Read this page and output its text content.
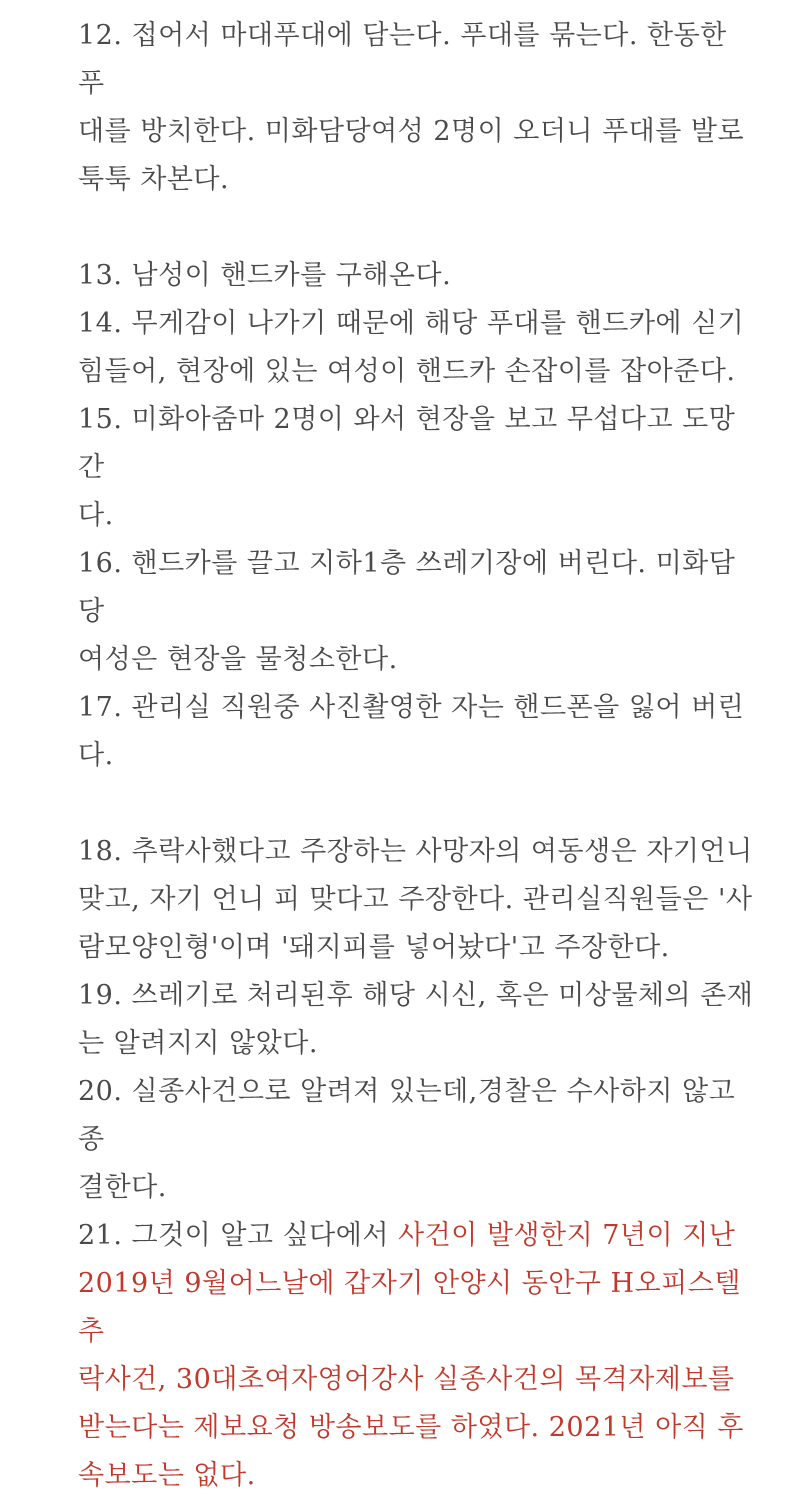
12. 접어서 마대푸대에 담는다. 푸대를 묶는다. 한동한 푸
대를 방치한다. 미화담당여성 2명이 오더니 푸대를 발로
툭툭 차본다.

13. 남성이 핸드카를 구해온다.

14. 무게감이 나가기 때문에 해당 푸대를 핸드카에 싣기
힘들어, 현장에 있는 여성이 핸드카 손잡이를 잡아준다.

15. 미화아줌마 2명이 와서 현장을 보고 무섭다고 도망간
다.

16. 핸드카를 끌고 지하1층 쓰레기장에 버린다. 미화담당
여성은 현장을 물청소한다.

17. 관리실 직원중 사진촬영한 자는 핸드폰을 잃어 버린
다.

18. 추락사했다고 주장하는 사망자의 여동생은 자기언니
맞고, 자기 언니 피 맞다고 주장한다. 관리실직원들은 '사
람모양인형'이며 '돼지피를 넣어놨다'고 주장한다.

19. 쓰레기로 처리된후 해당 시신, 혹은 미상물체의 존재
는 알려지지 않았다.

20. 실종사건으로 알려져 있는데,경찰은 수사하지 않고 종
결한다.

21. 그것이 알고 싶다에서 사건이 발생한지 7년이 지난
2019년 9월어느날에 갑자기 안양시 동안구 H오피스텔 추
락사건, 30대초여자영어강사 실종사건의 목격자제보를
받는다는 제보요청 방송보도를 하였다. 2021년 아직 후
속보도는 없다.
